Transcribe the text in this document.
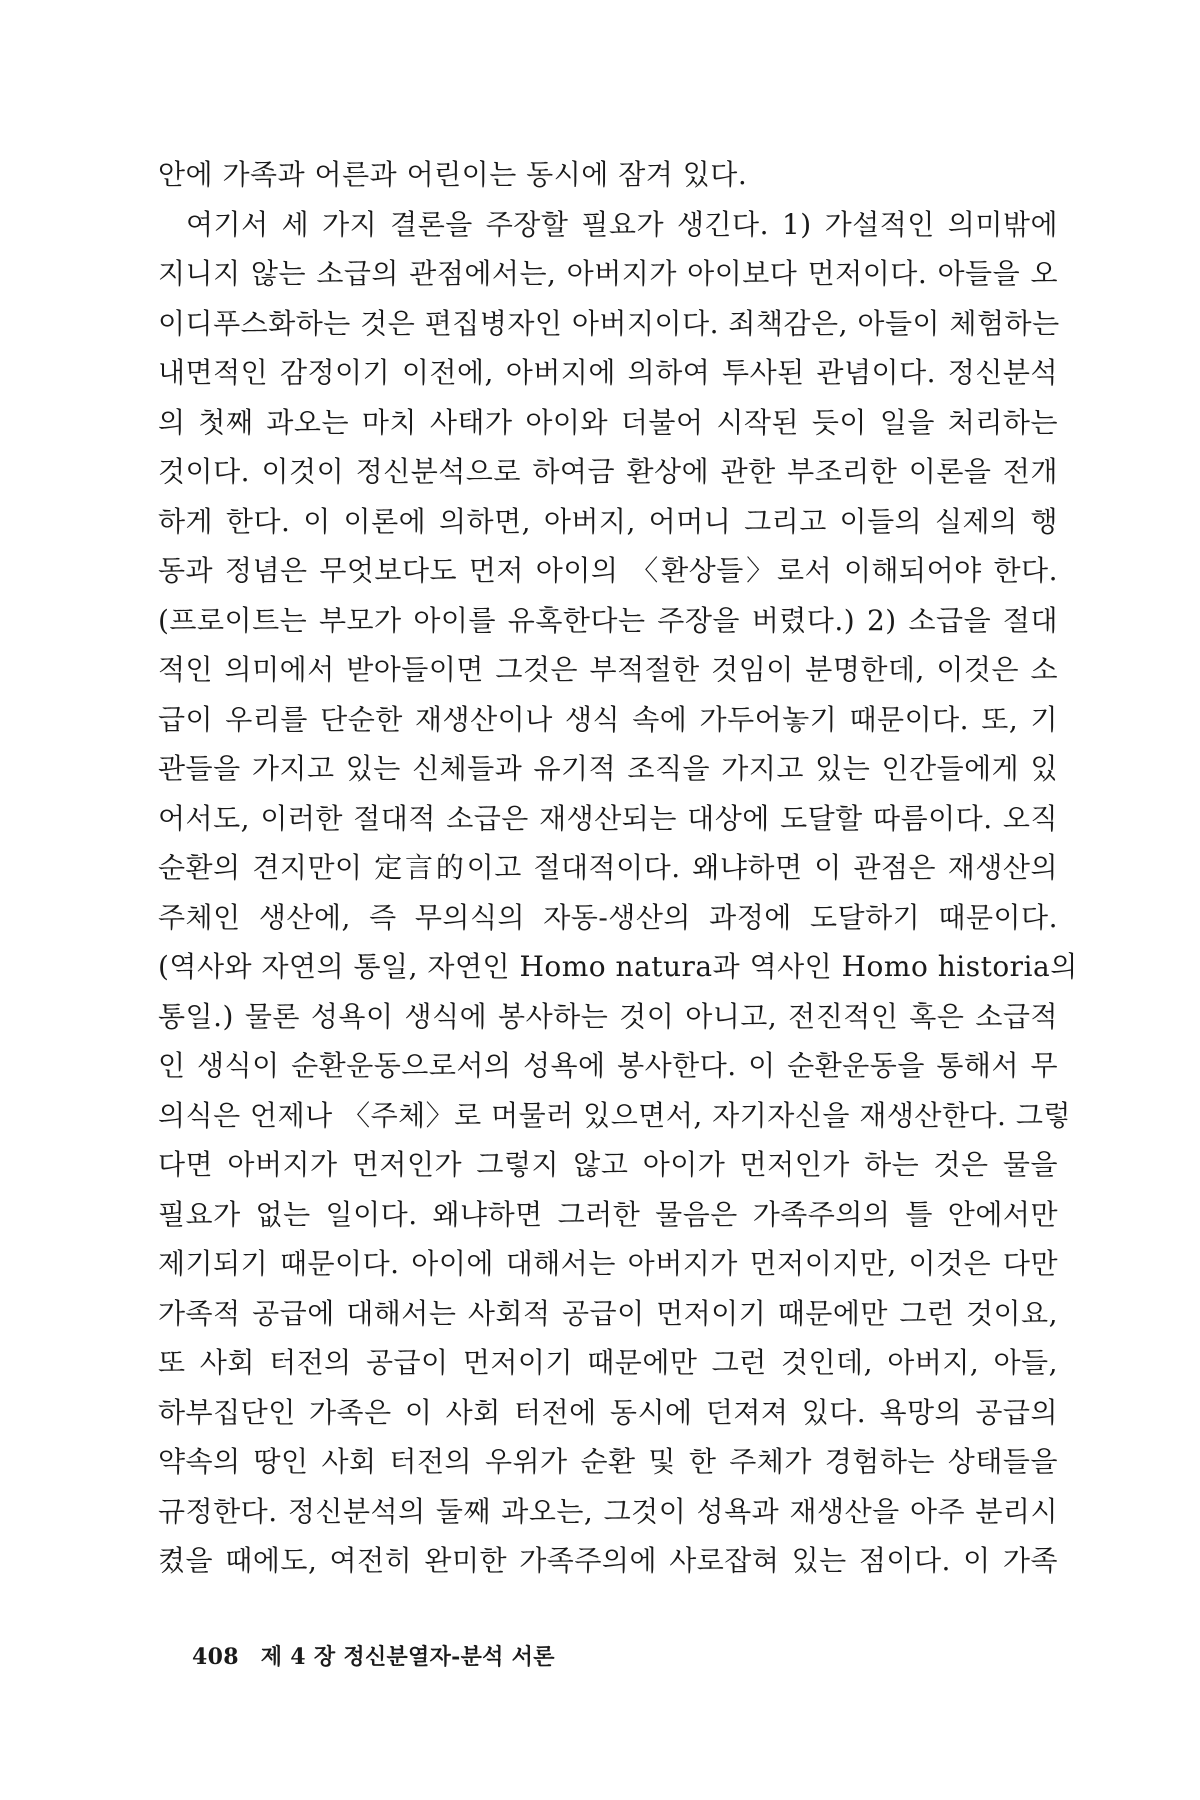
안에 가족과 어른과 어린이는 동시에 잠겨 있다.
여기서 세 가지 결론을 주장할 필요가 생긴다. 1) 가설적인 의미밖에
지니지 않는 소급의 관점에서는, 아버지가 아이보다 먼저이다. 아들을 오
이디푸스화하는 것은 편집병자인 아버지이다. 죄책감은, 아들이 체험하는
내면적인 감정이기 이전에, 아버지에 의하여 투사된 관념이다. 정신분석
의 첫째 과오는 마치 사태가 아이와 더불어 시작된 듯이 일을 처리하는
것이다. 이것이 정신분석으로 하여금 환상에 관한 부조리한 이론을 전개
하게 한다. 이 이론에 의하면, 아버지, 어머니 그리고 이들의 실제의 행
동과 정념은 무엇보다도 먼저 아이의 〈환상들〉로서 이해되어야 한다.
(프로이트는 부모가 아이를 유혹한다는 주장을 버렸다.) 2) 소급을 절대
적인 의미에서 받아들이면 그것은 부적절한 것임이 분명한데, 이것은 소
급이 우리를 단순한 재생산이나 생식 속에 가두어놓기 때문이다. 또, 기
관들을 가지고 있는 신체들과 유기적 조직을 가지고 있는 인간들에게 있
어서도, 이러한 절대적 소급은 재생산되는 대상에 도달할 따름이다. 오직
순환의 견지만이 定言的이고 절대적이다. 왜냐하면 이 관점은 재생산의
주체인 생산에, 즉 무의식의 자동-생산의 과정에 도달하기 때문이다.
(역사와 자연의 통일, 자연인 Homo natura과 역사인 Homo historia의
통일.) 물론 성욕이 생식에 봉사하는 것이 아니고, 전진적인 혹은 소급적
인 생식이 순환운동으로서의 성욕에 봉사한다. 이 순환운동을 통해서 무
의식은 언제나 〈주체〉로 머물러 있으면서, 자기자신을 재생산한다. 그렇
다면 아버지가 먼저인가 그렇지 않고 아이가 먼저인가 하는 것은 물을
필요가 없는 일이다. 왜냐하면 그러한 물음은 가족주의의 틀 안에서만
제기되기 때문이다. 아이에 대해서는 아버지가 먼저이지만, 이것은 다만
가족적 공급에 대해서는 사회적 공급이 먼저이기 때문에만 그런 것이요,
또 사회 터전의 공급이 먼저이기 때문에만 그런 것인데, 아버지, 아들,
하부집단인 가족은 이 사회 터전에 동시에 던져져 있다. 욕망의 공급의
약속의 땅인 사회 터전의 우위가 순환 및 한 주체가 경험하는 상태들을
규정한다. 정신분석의 둘째 과오는, 그것이 성욕과 재생산을 아주 분리시
켰을 때에도, 여전히 완미한 가족주의에 사로잡혀 있는 점이다. 이 가족
408 제 4 장 정신분열자-분석 서론
